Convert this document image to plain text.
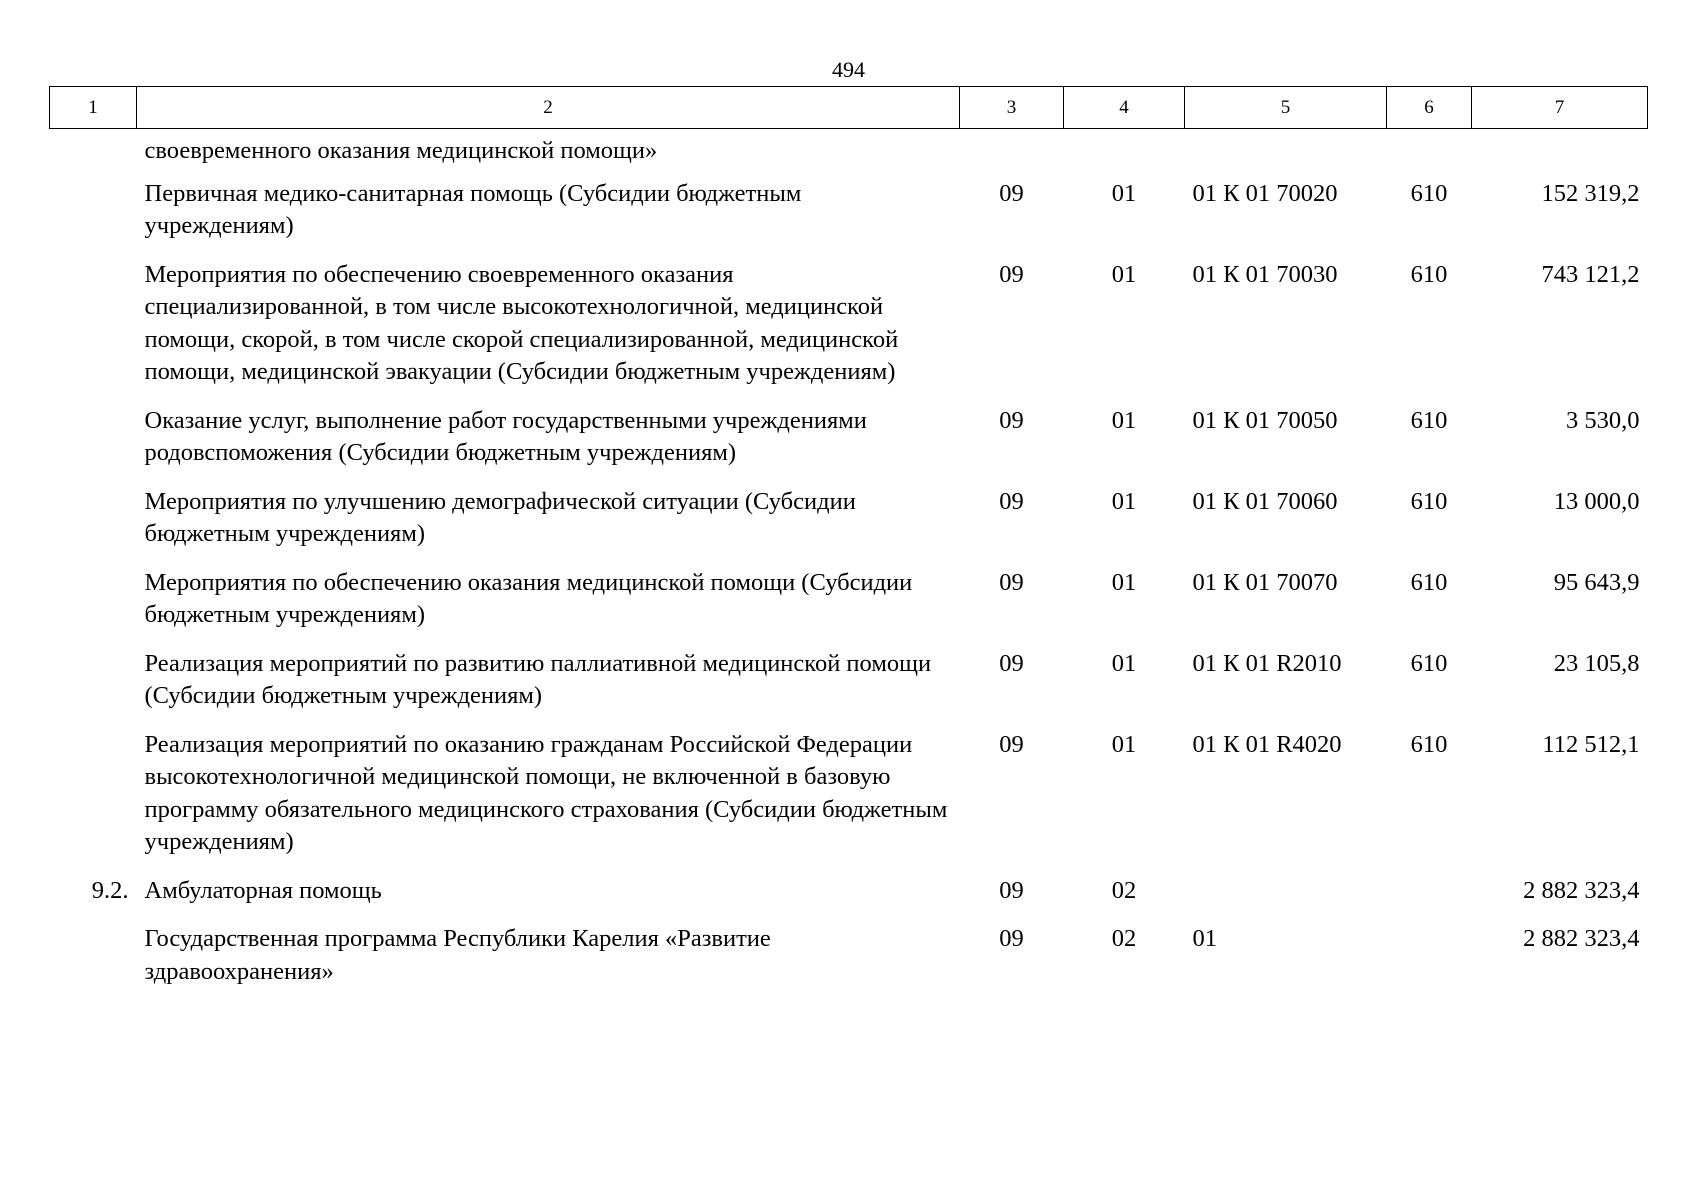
494
1	2	3	4	5	6	7
	своевременного оказания медицинской помощи»					
	Первичная медико-санитарная помощь (Субсидии бюджетным учреждениям)	09	01	01 К 01 70020	610	152 319,2
	Мероприятия по обеспечению своевременного оказания специализированной, в том числе высокотехнологичной, медицинской помощи, скорой, в том числе скорой специализированной, медицинской помощи, медицинской эвакуации (Субсидии бюджетным учреждениям)	09	01	01 К 01 70030	610	743 121,2
	Оказание услуг, выполнение работ государственными учреждениями родовспоможения (Субсидии бюджетным учреждениям)	09	01	01 К 01 70050	610	3 530,0
	Мероприятия по улучшению демографической ситуации (Субсидии бюджетным учреждениям)	09	01	01 К 01 70060	610	13 000,0
	Мероприятия по обеспечению оказания медицинской помощи (Субсидии бюджетным учреждениям)	09	01	01 К 01 70070	610	95 643,9
	Реализация мероприятий по развитию паллиативной медицинской помощи (Субсидии бюджетным учреждениям)	09	01	01 К 01 R2010	610	23 105,8
	Реализация мероприятий по оказанию гражданам Российской Федерации высокотехнологичной медицинской помощи, не включенной в базовую программу обязательного медицинского страхования (Субсидии бюджетным учреждениям)	09	01	01 К 01 R4020	610	112 512,1
9.2.	Амбулаторная помощь	09	02			2 882 323,4
	Государственная программа Республики Карелия «Развитие здравоохранения»	09	02	01		2 882 323,4
